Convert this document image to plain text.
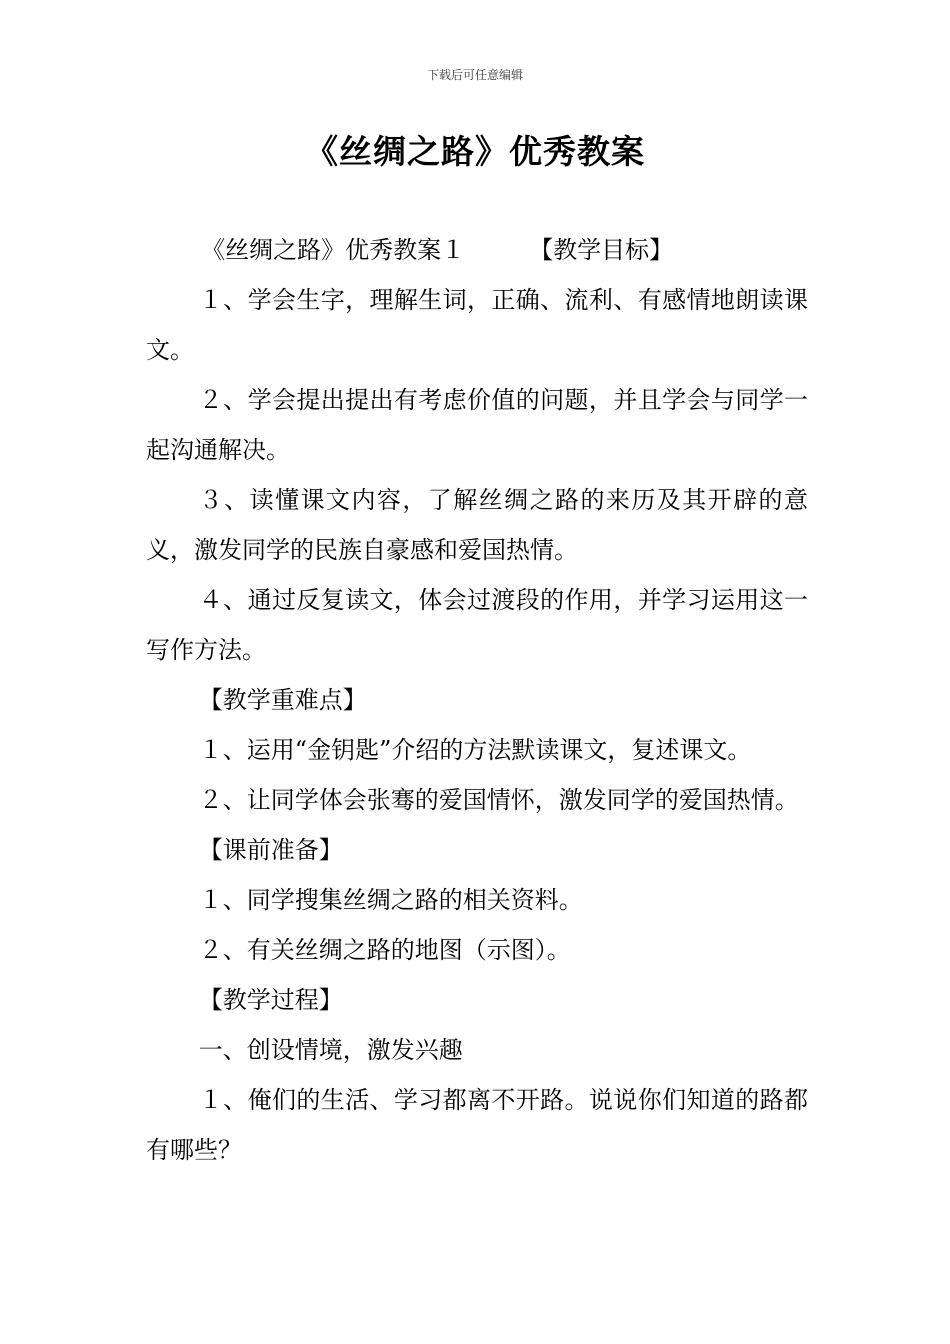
下载后可任意编辑
《丝绸之路》优秀教案

《丝绸之路》优秀教案１	【教学目标】

１、学会生字，理解生词，正确、流利、有感情地朗读课文。

２、学会提出提出有考虑价值的问题，并且学会与同学一起沟通解决。

３、读懂课文内容，了解丝绸之路的来历及其开辟的意义，激发同学的民族自豪感和爱国热情。

４、通过反复读文，体会过渡段的作用，并学习运用这一写作方法。

【教学重难点】

１、运用“金钥匙”介绍的方法默读课文，复述课文。

２、让同学体会张骞的爱国情怀，激发同学的爱国热情。

【课前准备】

１、同学搜集丝绸之路的相关资料。

２、有关丝绸之路的地图（示图）。

【教学过程】

一、创设情境，激发兴趣

１、俺们的生活、学习都离不开路。说说你们知道的路都有哪些？
